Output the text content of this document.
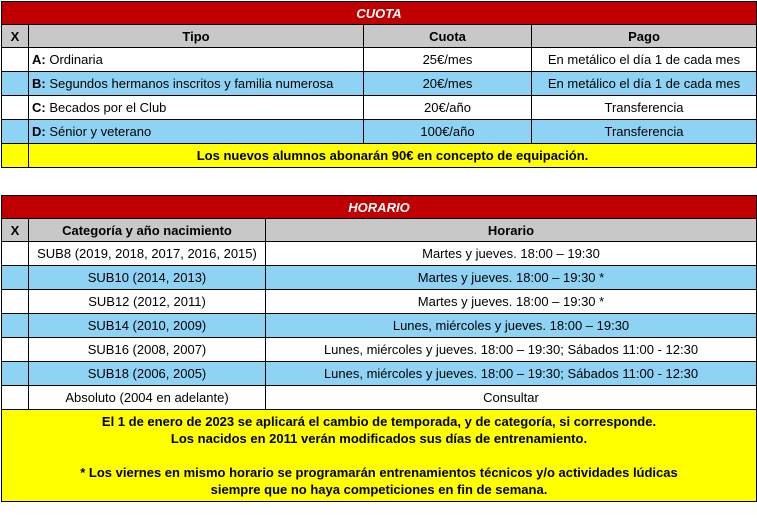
CUOTA			
X	Tipo	Cuota	Pago
	A: Ordinaria	25€/mes	En metálico el día 1 de cada mes
	B: Segundos hermanos inscritos y familia numerosa	20€/mes	En metálico el día 1 de cada mes
	C: Becados por el Club	20€/año	Transferencia
	D: Sénior y veterano	100€/año	Transferencia
	Los nuevos alumnos abonarán 90€ en concepto de equipación.		
HORARIO		
X	Categoría y año nacimiento	Horario
	SUB8 (2019, 2018, 2017, 2016, 2015)	Martes y jueves. 18:00 – 19:30
	SUB10 (2014, 2013)	Martes y jueves. 18:00 – 19:30 *
	SUB12 (2012, 2011)	Martes y jueves. 18:00 – 19:30 *
	SUB14 (2010, 2009)	Lunes, miércoles y jueves. 18:00 – 19:30
	SUB16 (2008, 2007)	Lunes, miércoles y jueves. 18:00 – 19:30; Sábados 11:00 - 12:30
	SUB18 (2006, 2005)	Lunes, miércoles y jueves. 18:00 – 19:30; Sábados 11:00 - 12:30
	Absoluto (2004 en adelante)	Consultar

El 1 de enero de 2023 se aplicará el cambio de temporada, y de categoría, si corresponde.
Los nacidos en 2011 verán modificados sus días de entrenamiento.
* Los viernes en mismo horario se programarán entrenamientos técnicos y/o actividades lúdicas
siempre que no haya competiciones en fin de semana.		
